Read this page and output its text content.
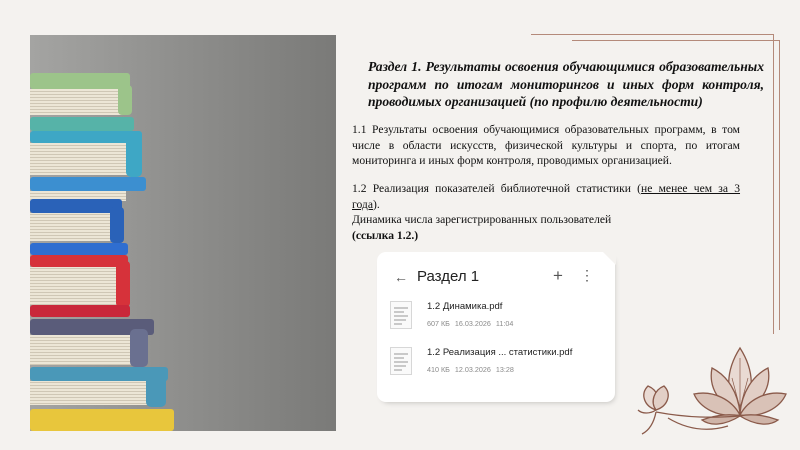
Раздел 1. Результаты освоения обучающимися образовательных программ по итогам мониторингов и иных форм контроля, проводимых организацией (по профилю деятельности)
1.1 Результаты освоения обучающимися образовательных программ, в том числе в области искусств, физической культуры и спорта, по итогам мониторинга и иных форм контроля, проводимых организацией.
1.2 Реализация показателей библиотечной статистики (не менее чем за 3 года).
Динамика числа зарегистрированных пользователей
(ссылка 1.2.)
← Раздел 1	+ ⋮
1.2 Динамика.pdf
607 КБ 16.03.2026 11:04
1.2 Реализация ... статистики.pdf
410 КБ 12.03.2026 13:28
